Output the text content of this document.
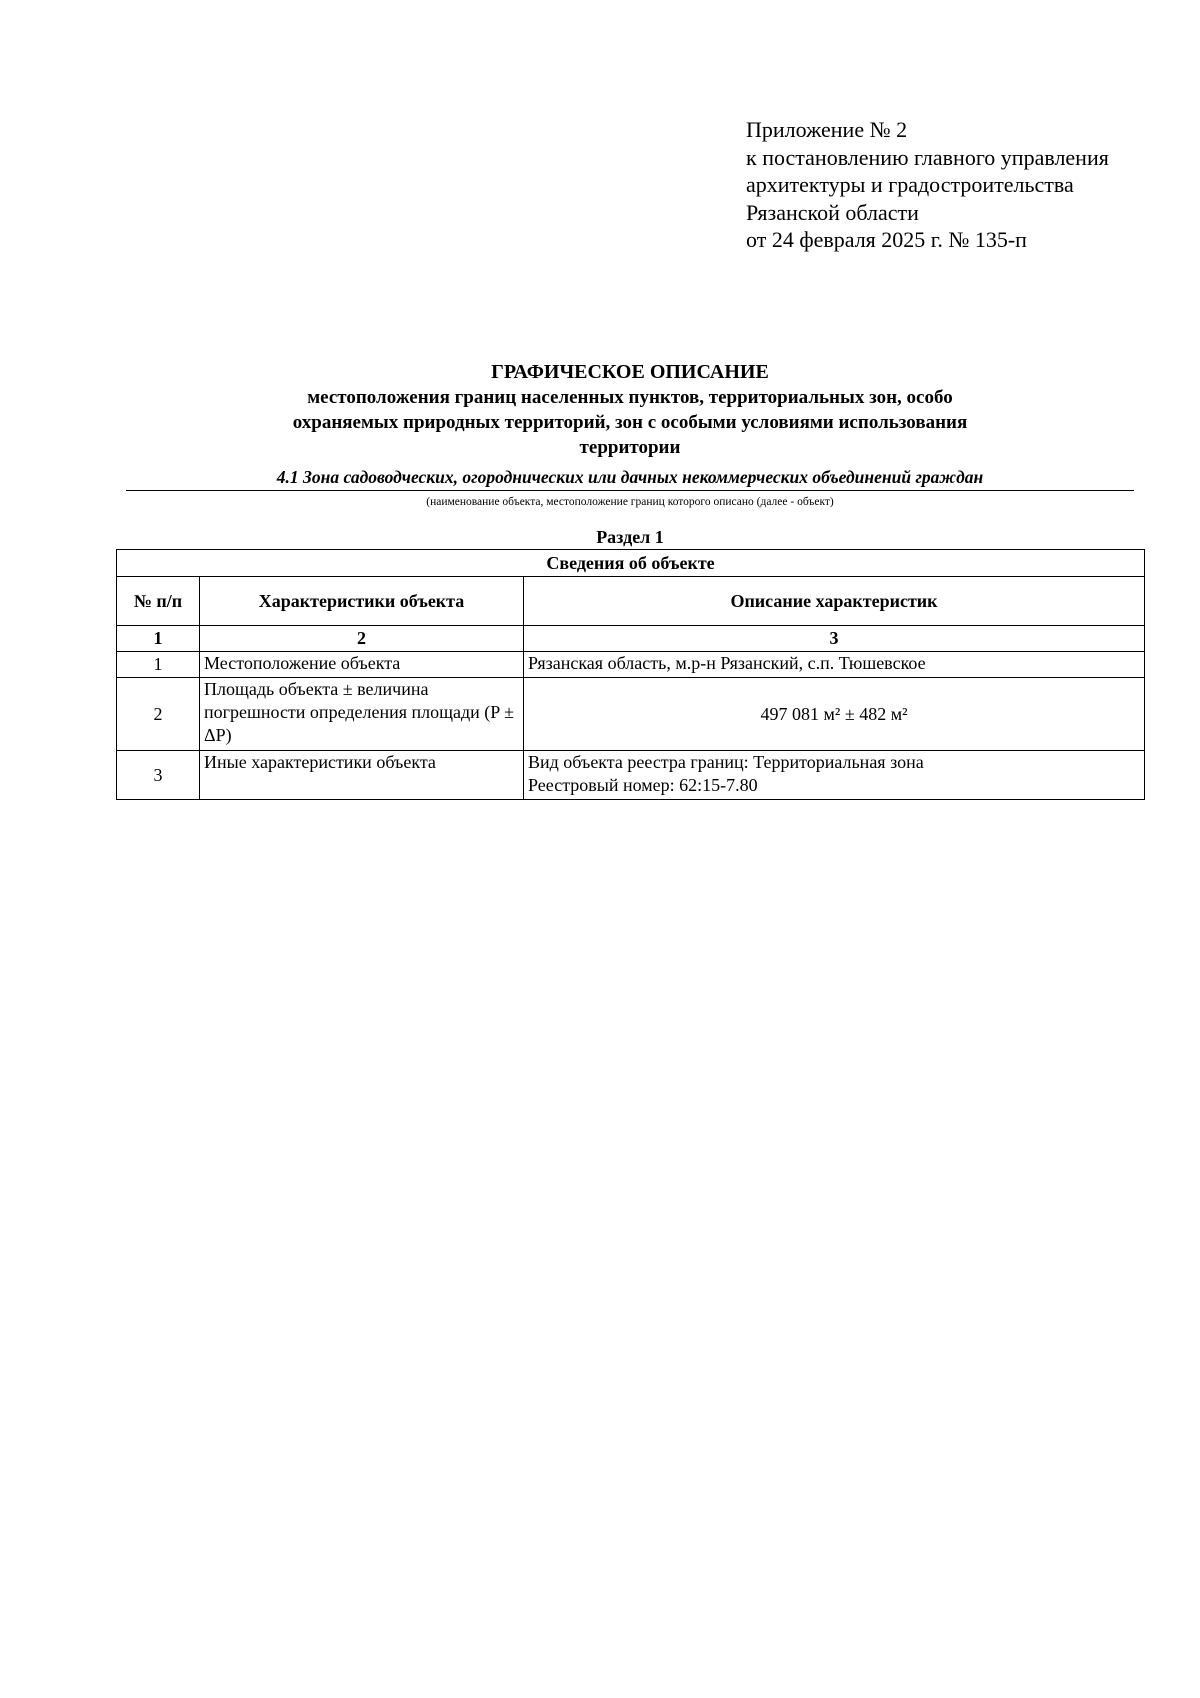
Приложение № 2
к постановлению главного управления
архитектуры и градостроительства
Рязанской области
от 24 февраля 2025 г. № 135-п
ГРАФИЧЕСКОЕ ОПИСАНИЕ
местоположения границ населенных пунктов, территориальных зон, особо охраняемых природных территорий, зон с особыми условиями использования территории
4.1 Зона садоводческих, огороднических или дачных некоммерческих объединений граждан
(наименование объекта, местоположение границ которого описано (далее - объект)
Раздел 1
Сведения об объекте		
№ п/п	Характеристики объекта	Описание характеристик
1	2	3
1	Местоположение объекта	Рязанская область, м.р-н Рязанский, с.п. Тюшевское
2	Площадь объекта ± величина погрешности определения площади (P ± ΔP)	497 081 м² ± 482 м²
3	Иные характеристики объекта	Вид объекта реестра границ: Территориальная зона
Реестровый номер: 62:15-7.80
